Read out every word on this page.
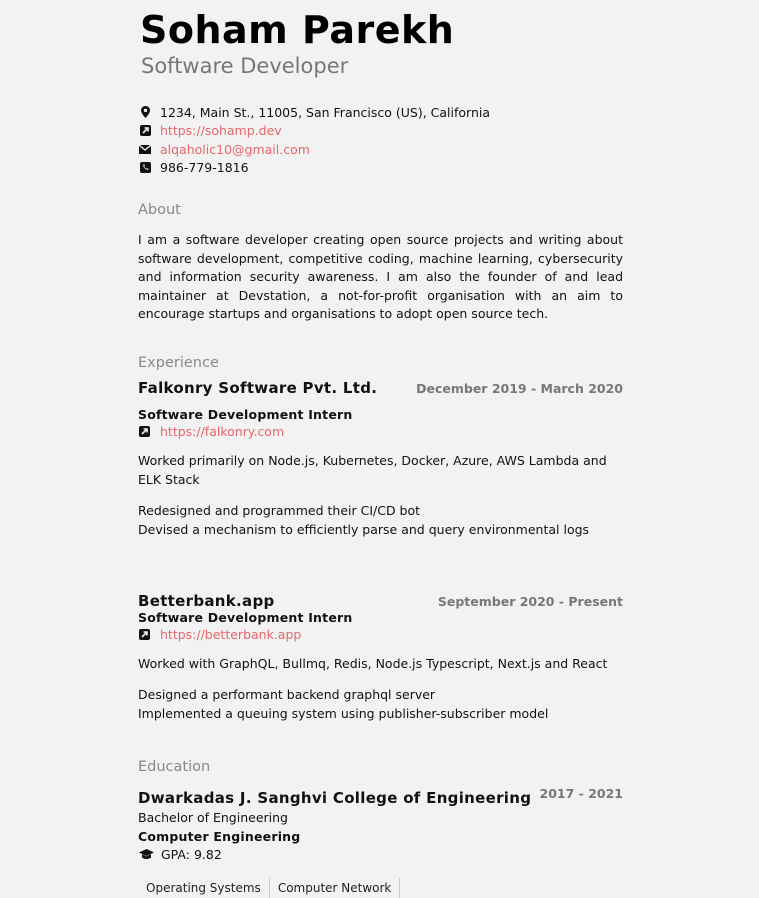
Soham Parekh
Software Developer
1234, Main St., 11005, San Francisco (US), California
https://sohamp.dev
alqaholic10@gmail.com
986-779-1816
About
I am a software developer creating open source projects and writing about software development, competitive coding, machine learning, cybersecurity and information security awareness. I am also the founder of and lead maintainer at Devstation, a not-for-profit organisation with an aim to encourage startups and organisations to adopt open source tech.
Experience
December 2019 - March 2020
Falkonry Software Pvt. Ltd.
Software Development Intern
https://falkonry.com
Worked primarily on Node.js, Kubernetes, Docker, Azure, AWS Lambda and ELK Stack
Redesigned and programmed their CI/CD bot
Devised a mechanism to efficiently parse and query environmental logs
September 2020 - Present
Betterbank.app
Software Development Intern
https://betterbank.app
Worked with GraphQL, Bullmq, Redis, Node.js Typescript, Next.js and React
Designed a performant backend graphql server
Implemented a queuing system using publisher-subscriber model
Education
2017 - 2021
Dwarkadas J. Sanghvi College of Engineering
Bachelor of Engineering
Computer Engineering
GPA: 9.82
Operating Systems	Computer Network
